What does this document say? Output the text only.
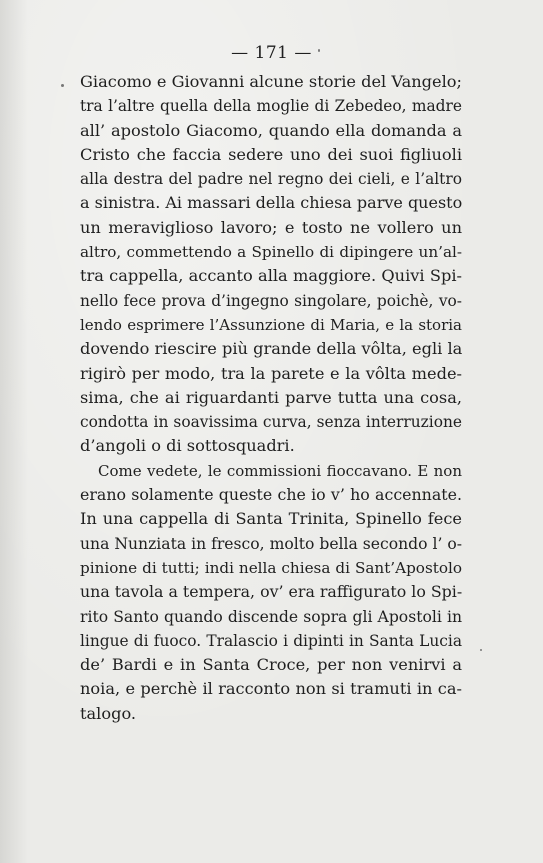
— 171 —
Giacomo e Giovanni alcune storie del Vangelo;
tra l’altre quella della moglie di Zebedeo, madre
all’ apostolo Giacomo, quando ella domanda a
Cristo che faccia sedere uno dei suoi figliuoli
alla destra del padre nel regno dei cieli, e l’altro
a sinistra. Ai massari della chiesa parve questo
un meraviglioso lavoro; e tosto ne vollero un
altro, commettendo a Spinello di dipingere un’al-
tra cappella, accanto alla maggiore. Quivi Spi-
nello fece prova d’ingegno singolare, poichè, vo-
lendo esprimere l’Assunzione di Maria, e la storia
dovendo riescire più grande della vôlta, egli la
rigirò per modo, tra la parete e la vôlta mede-
sima, che ai riguardanti parve tutta una cosa,
condotta in soavissima curva, senza interruzione
d’angoli o di sottosquadri.
Come vedete, le commissioni fioccavano. E non
erano solamente queste che io v’ ho accennate.
In una cappella di Santa Trinita, Spinello fece
una Nunziata in fresco, molto bella secondo l’ o-
pinione di tutti; indi nella chiesa di Sant’Apostolo
una tavola a tempera, ov’ era raffigurato lo Spi-
rito Santo quando discende sopra gli Apostoli in
lingue di fuoco. Tralascio i dipinti in Santa Lucia
de’ Bardi e in Santa Croce, per non venirvi a
noia, e perchè il racconto non si tramuti in ca-
talogo.
